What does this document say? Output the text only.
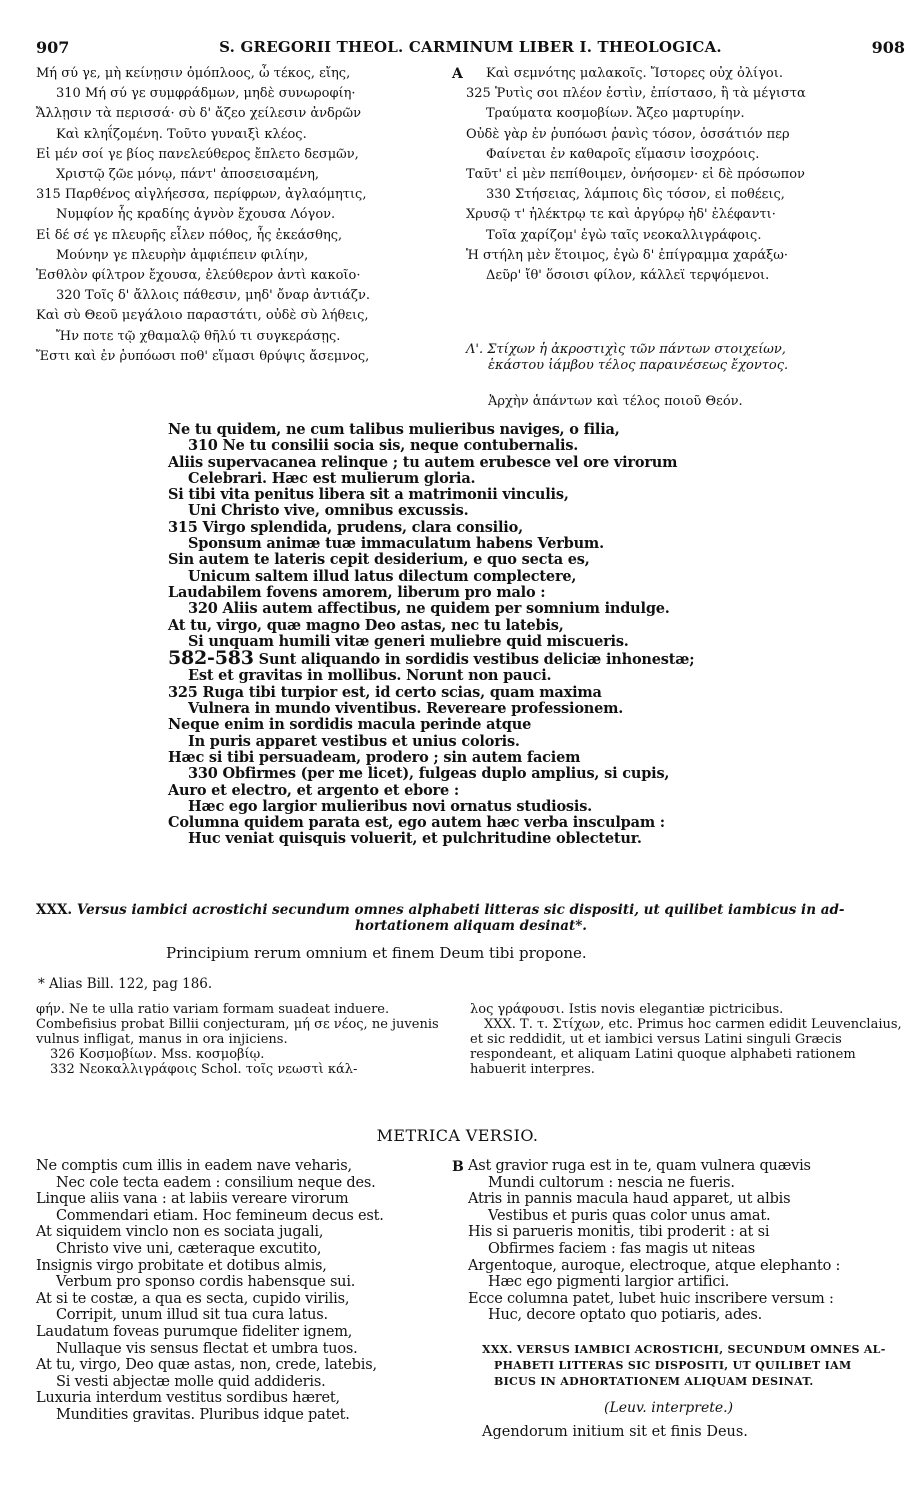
907	S. GREGORII THEOL. CARMINUM LIBER I. THEOLOGICA.	908
Μή σύ γε, μὴ κείνῃσιν ὁμόπλοος, ὦ τέκος, εἴης,
310 Μή σύ γε συμφράδμων, μηδὲ συνωροφίη·
Ἄλλῃσιν τὰ περισσά· σὺ δ' ἄζεο χείλεσιν ἀνδρῶν
Καὶ κληΐζομένη. Τοῦτο γυναιξὶ κλέος.
Εἰ μέν σοί γε βίος πανελεύθερος ἔπλετο δεσμῶν,
Χριστῷ ζῶε μόνῳ, πάντ' ἀποσεισαμένη,
315 Παρθένος αἰγλήεσσα, περίφρων, ἀγλαόμητις,
Νυμφίον ἧς κραδίης ἁγνὸν ἔχουσα Λόγον.
Εἰ δέ σέ γε πλευρῆς εἷλεν πόθος, ἧς ἐκεάσθης,
Μούνην γε πλευρὴν ἀμφιέπειν φιλίην,
Ἐσθλὸν φίλτρον ἔχουσα, ἐλεύθερον ἀντὶ κακοῖο·
320 Τοῖς δ' ἄλλοις πάθεσιν, μηδ' ὄναρ ἀντιάζν.
Καὶ σὺ Θεοῦ μεγάλοιο παραστάτι, οὐδὲ σὺ λήθεις,
Ἤν ποτε τῷ χθαμαλῷ θῆλύ τι συγκεράσῃς.
Ἔστι καὶ ἐν ῥυπόωσι ποθ' εἵμασι θρύψις ἄσεμνος,
A	Καὶ σεμνότης μαλακοῖς. Ἴστορες οὐχ ὀλίγοι.
325 Ῥυτὶς σοι πλέον ἐστὶν, ἐπίστασο, ἢ τὰ μέγιστα
Τραύματα κοσμοβίων. Ἄζεο μαρτυρίην.
Οὐδὲ γὰρ ἐν ῥυπόωσι ῥανὶς τόσον, ὁσσάτιόν περ
Φαίνεται ἐν καθαροῖς εἵμασιν ἰσοχρόοις.
Ταῦτ' εἰ μὲν πεπίθοιμεν, ὀνήσομεν· εἰ δὲ πρόσωπον
330 Στήσειας, λάμποις δὶς τόσον, εἰ ποθέεις,
Χρυσῷ τ' ἠλέκτρῳ τε καὶ ἀργύρῳ ἠδ' ἐλέφαντι·
Τοῖα χαρίζομ' ἐγὼ ταῖς νεοκαλλιγράφοις.
Ἡ στήλη μὲν ἕτοιμος, ἐγὼ δ' ἐπίγραμμα χαράξω·
Δεῦρ' ἴθ' ὅσοισι φίλον, κάλλεϊ τερψόμενοι.
Λ'. Στίχων ἡ ἀκροστιχὶς τῶν πάντων στοιχείων,
ἑκάστου ἰάμβου τέλος παραινέσεως ἔχοντος.
Ἀρχὴν ἁπάντων καὶ τέλος ποιοῦ Θεόν.
Ne tu quidem, ne cum talibus mulieribus naviges, o filia,
310 Ne tu consilii socia sis, neque contubernalis.
Aliis supervacanea relinque ; tu autem erubesce vel ore virorum
Celebrari. Hæc est mulierum gloria.
Si tibi vita penitus libera sit a matrimonii vinculis,
Uni Christo vive, omnibus excussis.
315 Virgo splendida, prudens, clara consilio,
Sponsum animæ tuæ immaculatum habens Verbum.
Sin autem te lateris cepit desiderium, e quo secta es,
Unicum saltem illud latus dilectum complectere,
Laudabilem fovens amorem, liberum pro malo :
320 Aliis autem affectibus, ne quidem per somnium indulge.
At tu, virgo, quæ magno Deo astas, nec tu latebis,
Si unquam humili vitæ generi muliebre quid miscueris.
582-583 Sunt aliquando in sordidis vestibus deliciæ inhonestæ;
Est et gravitas in mollibus. Norunt non pauci.
325 Ruga tibi turpior est, id certo scias, quam maxima
Vulnera in mundo viventibus. Revereare professionem.
Neque enim in sordidis macula perinde atque
In puris apparet vestibus et unius coloris.
Hæc si tibi persuadeam, prodero ; sin autem faciem
330 Obfirmes (per me licet), fulgeas duplo amplius, si cupis,
Auro et electro, et argento et ebore :
Hæc ego largior mulieribus novi ornatus studiosis.
Columna quidem parata est, ego autem hæc verba insculpam :
Huc veniat quisquis voluerit, et pulchritudine oblectetur.
XXX. Versus iambici acrostichi secundum omnes alphabeti litteras sic dispositi, ut quilibet iambicus in ad-
hortationem aliquam desinat*.
Principium rerum omnium et finem Deum tibi propone.
* Alias Bill. 122, pag 186.

φήν. Ne te ulla ratio variam formam suadeat induere. Combefisius probat Billii conjecturam, μή σε νέος, ne juvenis vulnus infligat, manus in ora injiciens.

326 Κοσμοβίων. Mss. κοσμοβίῳ.

332 Νεοκαλλιγράφοις Schol. τοῖς νεωστὶ κάλ-

λος γράφουσι. Istis novis elegantiæ pictricibus.

XXX. Τ. τ. Στίχων, etc. Primus hoc carmen edidit Leuvenclaius, et sic reddidit, ut et iambici versus Latini singuli Græcis respondeant, et aliquam Latini quoque alphabeti rationem habuerit interpres.

METRICA VERSIO.
Ne comptis cum illis in eadem nave veharis,
Nec cole tecta eadem : consilium neque des.
Linque aliis vana : at labiis vereare virorum
Commendari etiam. Hoc femineum decus est.
At siquidem vinclo non es sociata jugali,
Christo vive uni, cæteraque excutito,
Insignis virgo probitate et dotibus almis,
Verbum pro sponso cordis habensque sui.
At si te costæ, a qua es secta, cupido virilis,
Corripit, unum illud sit tua cura latus.
Laudatum foveas purumque fideliter ignem,
Nullaque vis sensus flectat et umbra tuos.
At tu, virgo, Deo quæ astas, non, crede, latebis,
Si vesti abjectæ molle quid addideris.
Luxuria interdum vestitus sordibus hæret,
Mundities gravitas. Pluribus idque patet.
B Ast gravior ruga est in te, quam vulnera quævis
Mundi cultorum : nescia ne fueris.
Atris in pannis macula haud apparet, ut albis
Vestibus et puris quas color unus amat.
His si parueris monitis, tibi proderit : at si
Obfirmes faciem : fas magis ut niteas
Argentoque, auroque, electroque, atque elephanto :
Hæc ego pigmenti largior artifici.
Ecce columna patet, lubet huic inscribere versum :
Huc, decore optato quo potiaris, ades.
XXX. VERSUS IAMBICI ACROSTICHI, SECUNDUM OMNES AL-
PHABETI LITTERAS SIC DISPOSITI, UT QUILIBET IAM
BICUS IN ADHORTATIONEM ALIQUAM DESINAT.
(Leuv. interprete.)
Agendorum initium sit et finis Deus.
